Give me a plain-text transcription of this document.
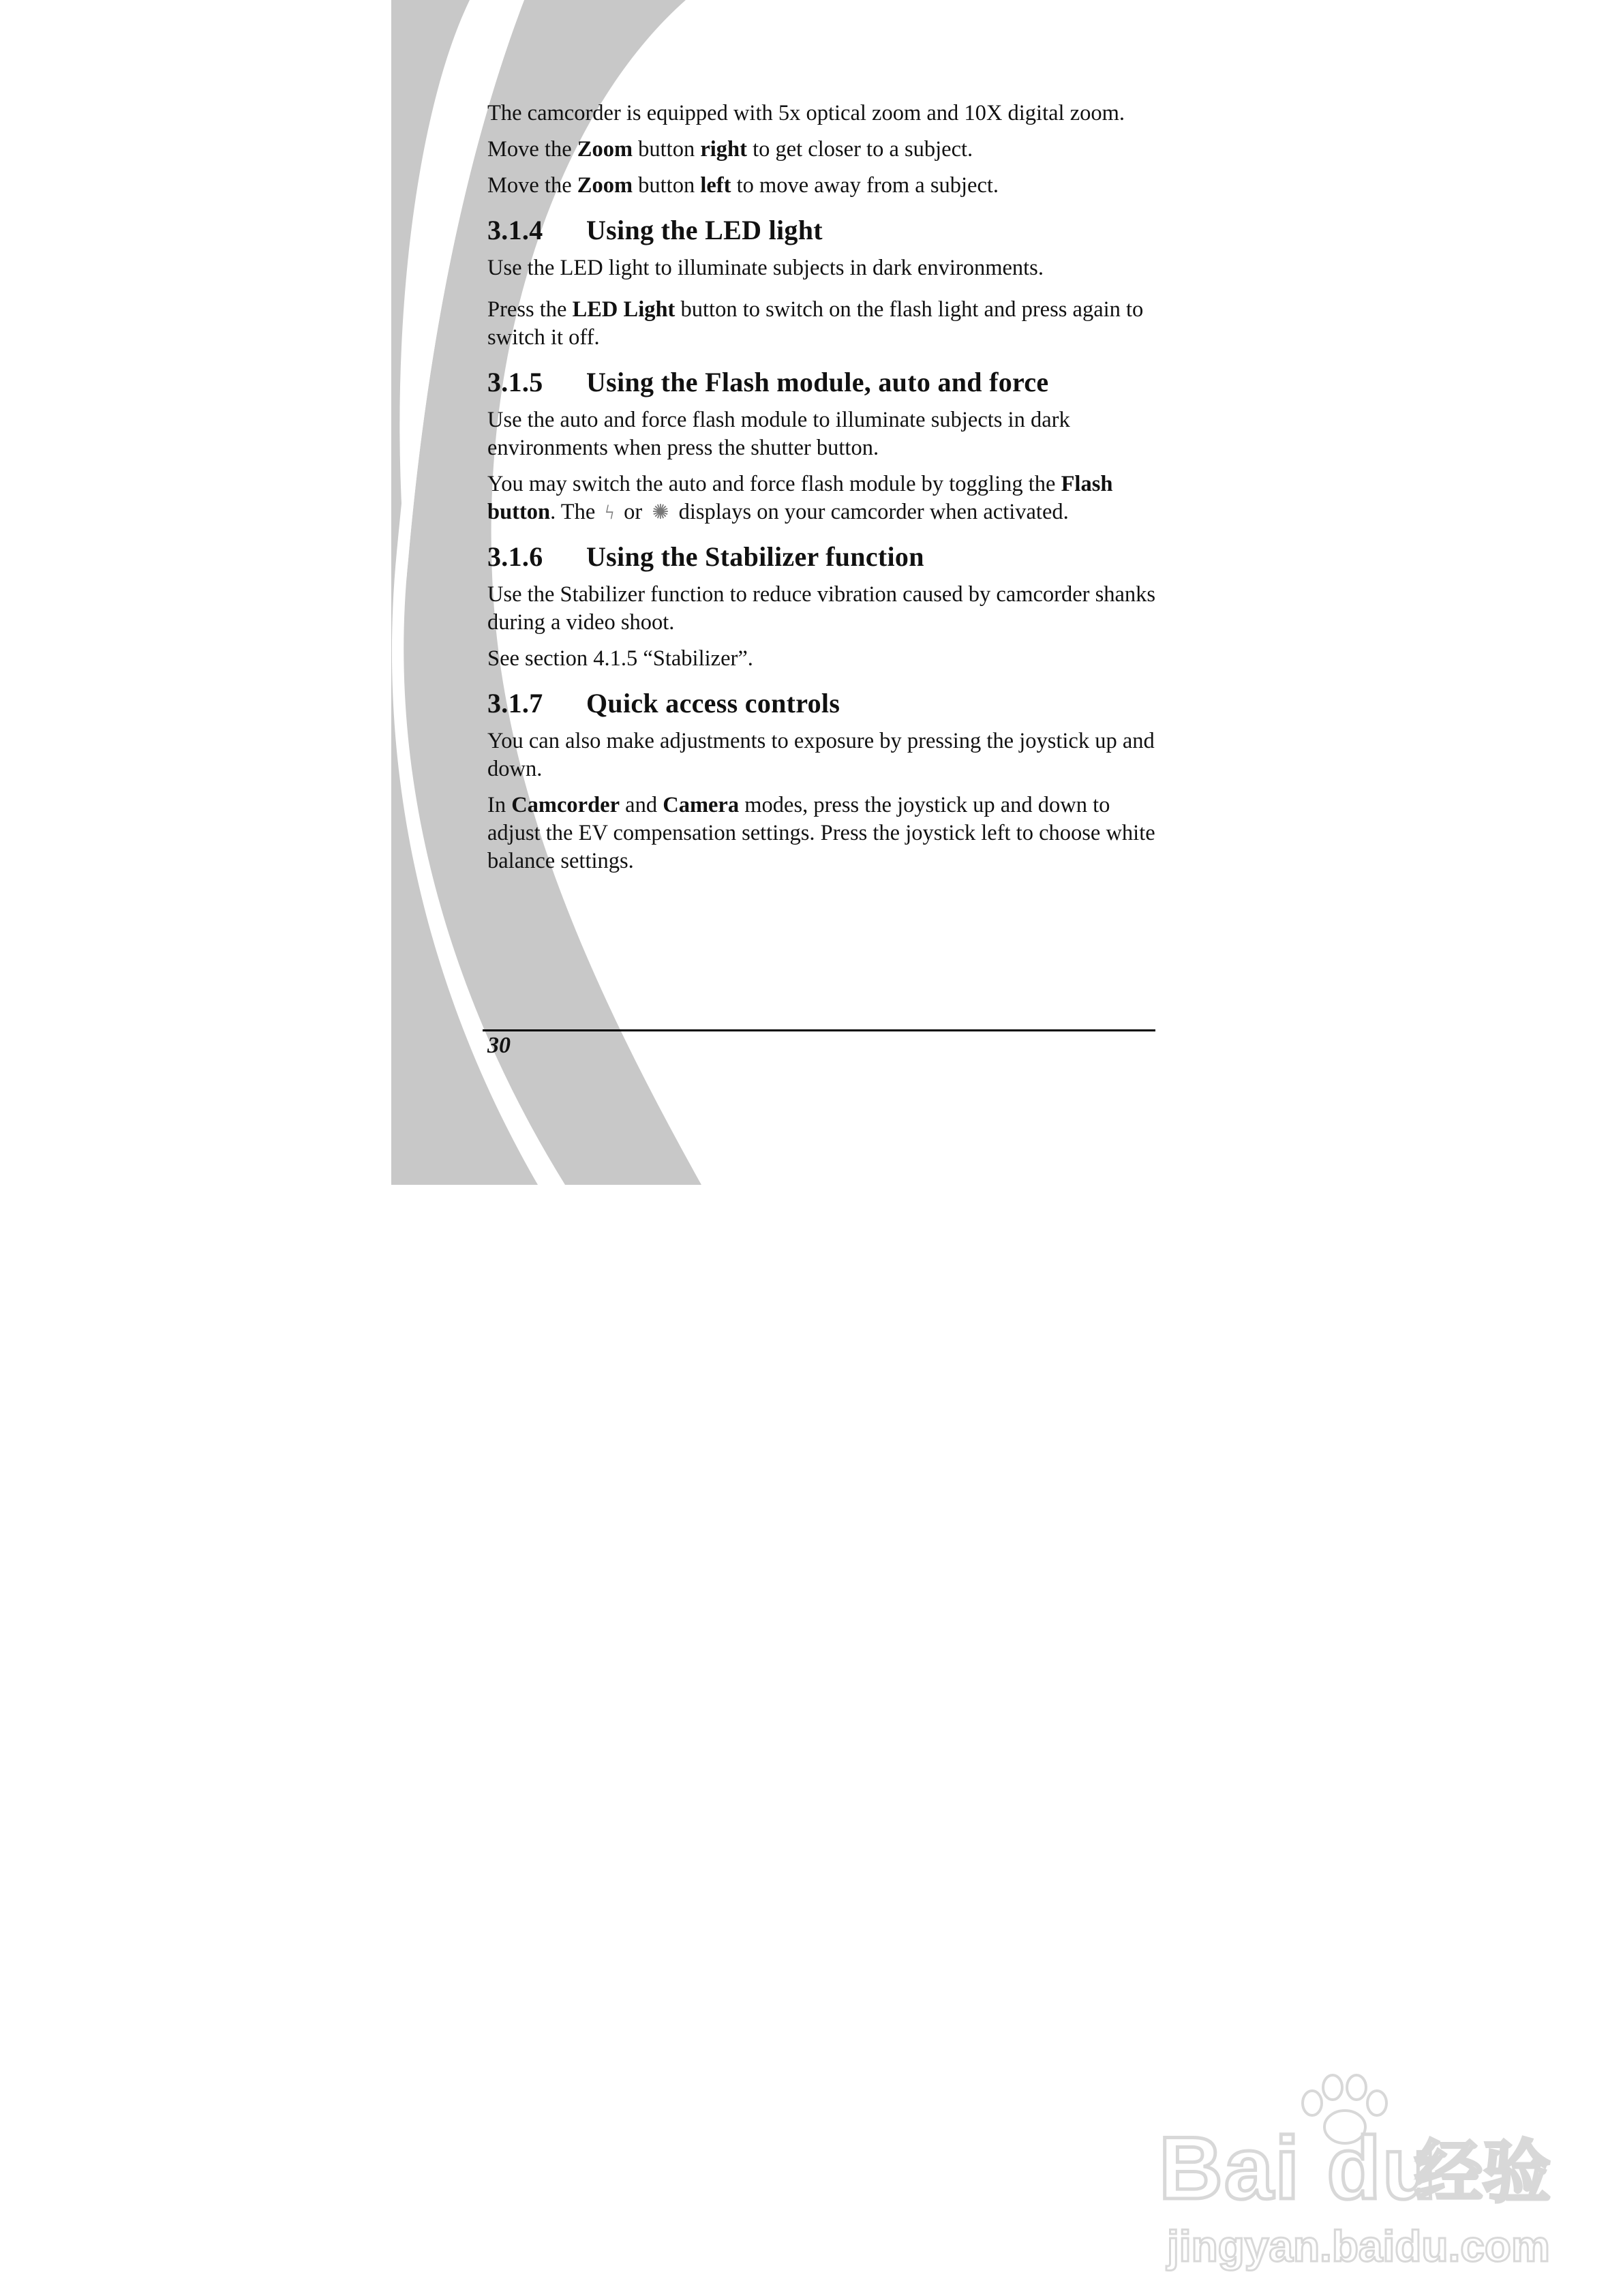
The camcorder is equipped with 5x optical zoom and 10X digital zoom.

Move the Zoom button right to get closer to a subject.

Move the Zoom button left to move away from a subject.

3.1.4 Using the LED light

Use the LED light to illuminate subjects in dark environments.

Press the LED Light button to switch on the flash light and press again to switch it off.

3.1.5 Using the Flash module, auto and force

Use the auto and force flash module to illuminate subjects in dark environments when press the shutter button.

You may switch the auto and force flash module by toggling the Flash button. The ϟ or ✺ displays on your camcorder when activated.

3.1.6 Using the Stabilizer function

Use the Stabilizer function to reduce vibration caused by camcorder shanks during a video shoot.

See section 4.1.5 “Stabilizer”.

3.1.7 Quick access controls

You can also make adjustments to exposure by pressing the joystick up and down.

In Camcorder and Camera modes, press the joystick up and down to adjust the EV compensation settings. Press the joystick left to choose white balance settings.

30
Bai du
经验
jingyan.baidu.com
